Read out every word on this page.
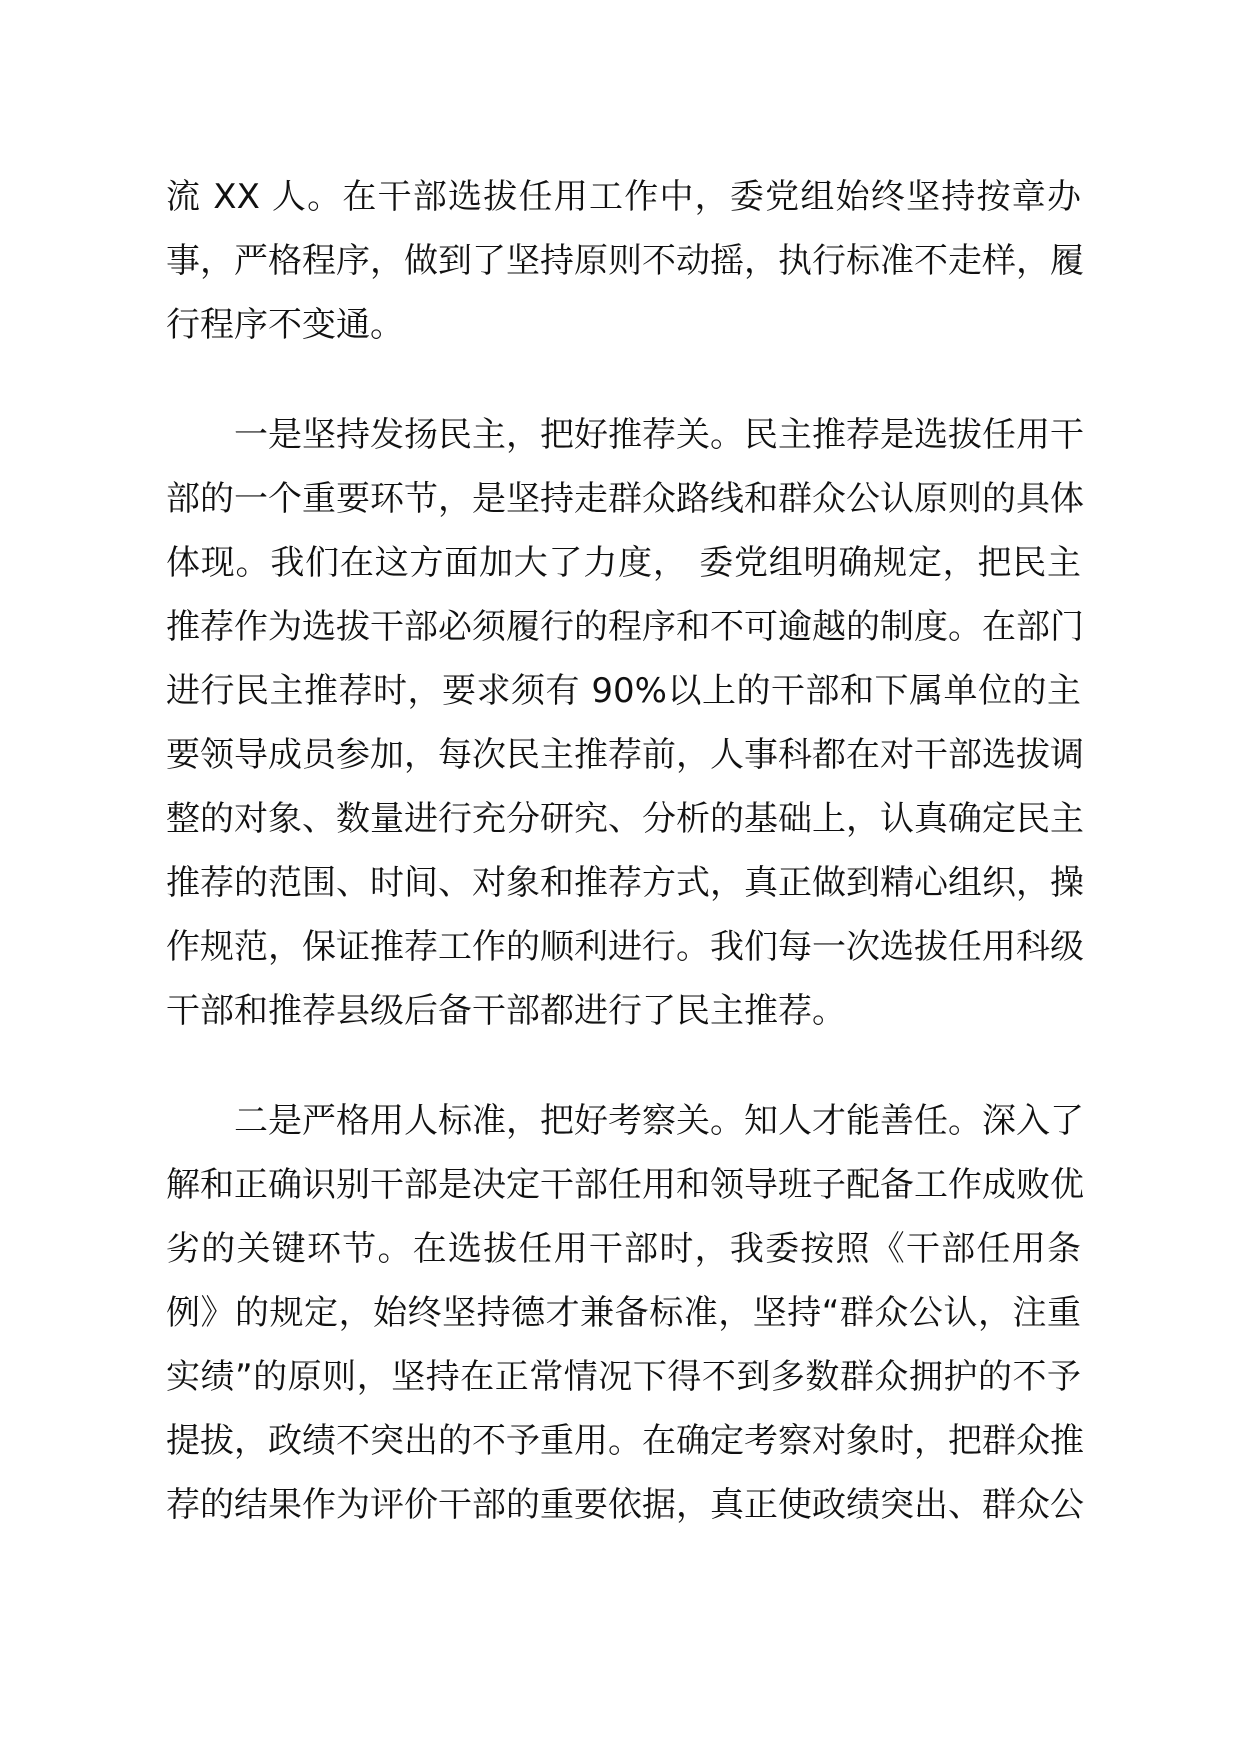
流 XX 人。在干部选拔任用工作中，委党组始终坚持按章办
事，严格程序，做到了坚持原则不动摇，执行标准不走样，履
行程序不变通。
一是坚持发扬民主，把好推荐关。民主推荐是选拔任用干
部的一个重要环节，是坚持走群众路线和群众公认原则的具体
体现。我们在这方面加大了力度， 委党组明确规定，把民主
推荐作为选拔干部必须履行的程序和不可逾越的制度。在部门
进行民主推荐时，要求须有 90%以上的干部和下属单位的主
要领导成员参加，每次民主推荐前，人事科都在对干部选拔调
整的对象、数量进行充分研究、分析的基础上，认真确定民主
推荐的范围、时间、对象和推荐方式，真正做到精心组织，操
作规范，保证推荐工作的顺利进行。我们每一次选拔任用科级
干部和推荐县级后备干部都进行了民主推荐。
二是严格用人标准，把好考察关。知人才能善任。深入了
解和正确识别干部是决定干部任用和领导班子配备工作成败优
劣的关键环节。在选拔任用干部时，我委按照《干部任用条
例》的规定，始终坚持德才兼备标准，坚持“群众公认，注重
实绩”的原则，坚持在正常情况下得不到多数群众拥护的不予
提拔，政绩不突出的不予重用。在确定考察对象时，把群众推
荐的结果作为评价干部的重要依据，真正使政绩突出、群众公
